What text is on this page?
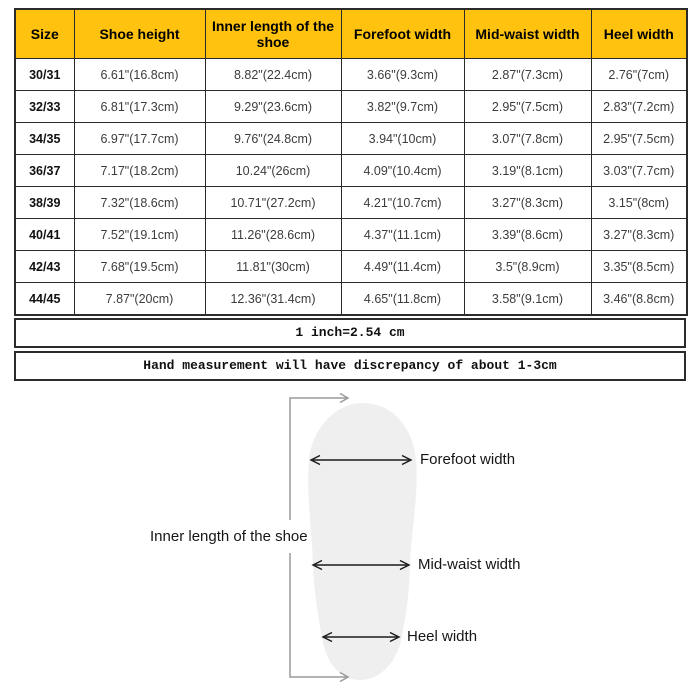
Size	Shoe height	Inner length of the shoe	Forefoot width	Mid-waist width	Heel width
30/31	6.61"(16.8cm)	8.82"(22.4cm)	3.66"(9.3cm)	2.87"(7.3cm)	2.76"(7cm)
32/33	6.81"(17.3cm)	9.29"(23.6cm)	3.82"(9.7cm)	2.95"(7.5cm)	2.83"(7.2cm)
34/35	6.97"(17.7cm)	9.76"(24.8cm)	3.94"(10cm)	3.07"(7.8cm)	2.95"(7.5cm)
36/37	7.17"(18.2cm)	10.24"(26cm)	4.09"(10.4cm)	3.19"(8.1cm)	3.03"(7.7cm)
38/39	7.32"(18.6cm)	10.71"(27.2cm)	4.21"(10.7cm)	3.27"(8.3cm)	3.15"(8cm)
40/41	7.52"(19.1cm)	11.26"(28.6cm)	4.37"(11.1cm)	3.39"(8.6cm)	3.27"(8.3cm)
42/43	7.68"(19.5cm)	11.81"(30cm)	4.49"(11.4cm)	3.5"(8.9cm)	3.35"(8.5cm)
44/45	7.87"(20cm)	12.36"(31.4cm)	4.65"(11.8cm)	3.58"(9.1cm)	3.46"(8.8cm)
1 inch=2.54 cm
Hand measurement will have discrepancy of about 1-3cm
Inner length of the shoe
Forefoot width
Mid-waist width
Heel width
